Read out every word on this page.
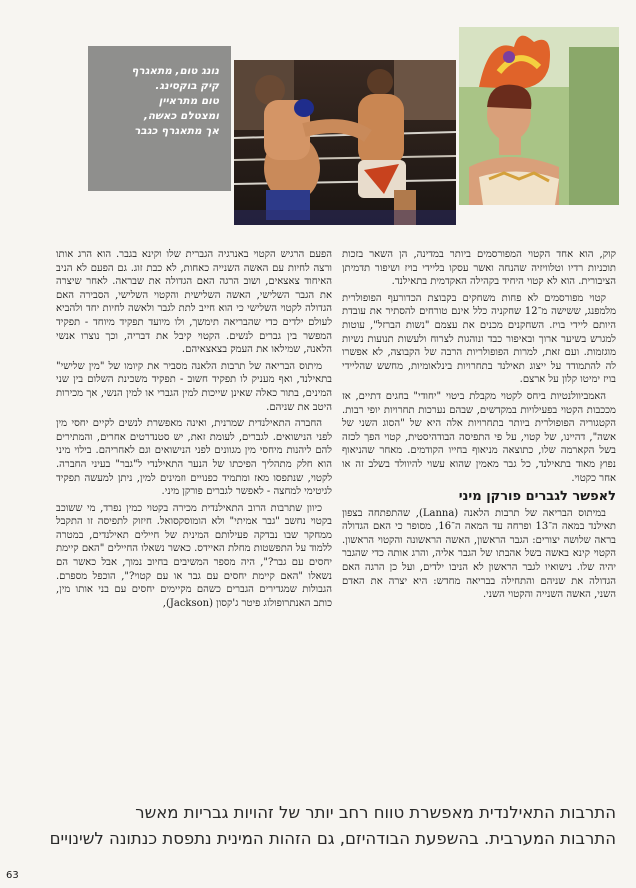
נונג טום, מתאגרף
קיק בוקסינג.
טום מתראיין
ומצטלם כאשה,
אך מתאגרף כגבר

קוק, הוא אחד הקטוי המפורסמים ביותר במדינה, הן השאר בזכות תוכניות רדיו וטלוויזיה שהנחה ואשר עסקו בליידי בויז ושיפור תדמיתן הציבורית. הוא לא קטוי היחיד בקהילה האקדמית בתאילנד.

קטוי מפורסמים לא פחות משחקים בקבוצת הכדורעף הפופולרית מלמפנג, ששישה מ־12 שחקניה כלל אינם טורחים להסתיר את עובדת היותם ליידי בויז. השחקנים מכנים את עצמם "נשות הברזל", עוטות למגרש בשיער ארוך ובאיפור כבד ונוהגות לצרוח ולעשות תנועות נשיות מוגזמות. ועם זאת, למרות הפופולריות הרבה של הקבוצה, לא אפשרו לה להתמודד על ייצוג תאילנד בתחרויות בינלאומיות, מחשש שהליידי בויז ימיטו קלון על ארצם.

האמביוולנטיות ביחס לקטוי מקבלת ביטוי "יחודי" בחגים דתיים, אז מככבות הקטוי בפעילויות במקדשים, שבהם נערכות תחרויות יופי רבות. הקטגוריה הפופולרית ביותר בתחרויות אלה היא של "הסוג השני של אשה", דהיינו, של קטוי, על פי התפיסה הבודהיסטית, קטוי הפך לכזה בשל הקארמה שלו, כתוצאה מניאוף בחייו הקודמים. מאחר שהניאוף נפוץ מאוד בתאילנד, כל גבר מאמין שהוא עשוי להיוולד בשלב זה או אחר כקטוי.

לאפשר לגברים פורקן מיני

במיתוס הבריאה של תרבות הלאנה (Lanna), שהתפתחה בצפון תאילנד במאה ה־13 ופרחה עד המאה ה־16, מסופר כי האם הגדולה בראה שלושה יצורים: הגבר הראשון, האשה הראשונה והקטוי הראשון. הקטוי קינא באשה בשל אהבתו של הגבר אליה, והרג אותה כדי שהגבר יהיה שלו. נישואיו לגבר הראשון לא הניבו ילדים, ועל כן הרגה האם הגדולה את שניהם והתחילה בבריאה מחדש: היא יצרה את האדם השני, האשה השנייה והקטוי השני.

הפעם הרגיש הקטוי באנרגיה הגברית שלו וקינא בגבר. הוא הרג אותו ורצה לחיות עם האשה השנייה כאחות, לא כבת זוג. גם הפעם לא הניב האיחוד צאצאים, ושוב הרגה האם הגדולה את שבראה. לאחר שיצרה את הגבר השלישי, האשה השלישית והקטוי השלישי, הסבירה האם הגדולה לקטוי השלישי כי הוא חייב לתת לגבר ולאשה לחיות יחד ולהביא לעולם ילדים כדי שהבריאה תימשך, ולו מיועד תפקיד מיוחד - תפקיד המפשר בין גברים לנשים. הקטוי קיבל את דבריה, וכך נוצרו אנשי הלאנה, שמילאו את העמק בצאצאיהם.

מיתוס הבריאה של תרבות הלאנה מסביר את קיומו של "מין שלישי" בתאילנד, ואף מעניק לו תפקיד חשוב - תפקיד משכינת השלום בין שני המינים, בתור כאלה שאינן שייכות למין הגברי או למין הנשי, אך מכירות היטב את שניהם.

החברה התאילנדית שמרנית, ואינה מאפשרת לנשים לקיים יחסי מין לפני הנישואים. לגברים, לעומת זאת, יש סטנדרטים אחרים, והמתירים להם ליהנות מיחסי מין מגוונים לפני הנישואים וגם לאחריהם. בילוי מיני הוא חלק מתהליך הפיכתו של הנער התאילנדי ל"גבר" בעיני החברה. לקטוי, שנתפסו מאז ומתמיד כפנויים וזמינים למין, ניתן למעשה תפקיד לגיטימי למחצה - לאפשר לגברים פורקן מיני.

כיוון שתרבות הרוב התאילנדית מכירה בקטוי כמין נפרד, מי ששוכב בקטוי נחשב "גבר אמיתי" ולא הומוסקסואל. חיזוק לתפיסה זו התקבל ממחקר שבו נבדקה פעילותם המינית של חיילים תאילנדים, במטרה ללמוד על התפשטות מחלת האיידס. כאשר נשאלו החיילים "האם קיימת יחסים עם גבר?", היה מספר המשיבים בחיוב נמוך, אבל כאשר הם נשאלו "האם קיימת יחסים עם גבר או עם קטוי?", הוכפל מספרם. הגבולות שמגדירים הגברים כשהם מקיימים יחסים עם בני אותו מין, כותב האנתרופולוג פיטר ג'קסון (Jackson),

התרבות התאילנדית מאפשרת טווח רחב יותר של זהויות גבריות מאשר
התרבות המערבית. בהשפעת הבודהיזם, גם הזהות המינית נתפסת כנתונה לשינויים
63
